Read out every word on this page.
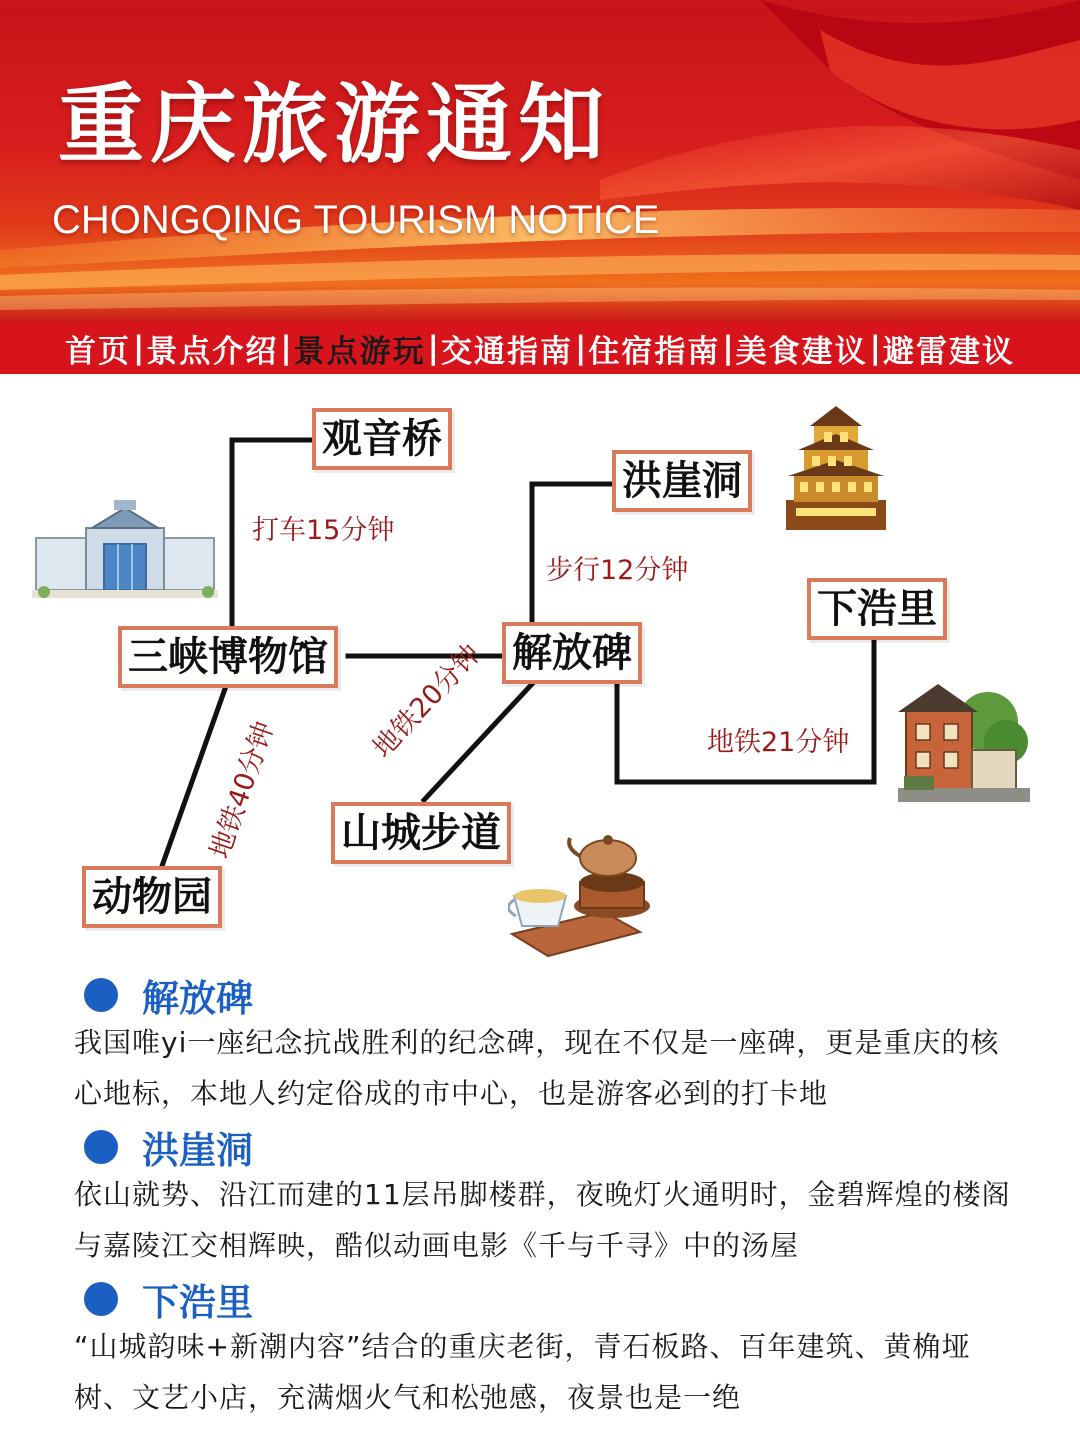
重庆旅游通知

CHONGQING TOURISM NOTICE

首页 | 景点介绍 | 景点游玩 | 交通指南 | 住宿指南 | 美食建议 | 避雷建议
观音桥
洪崖洞
三峡博物馆	解放碑
下浩里
山城步道
动物园
打车15分钟
步行12分钟
地铁21分钟
地铁20分钟
地铁40分钟
解放碑

我国唯yi一座纪念抗战胜利的纪念碑，现在不仅是一座碑，更是重庆的核心地标，本地人约定俗成的市中心，也是游客必到的打卡地

洪崖洞

依山就势、沿江而建的11层吊脚楼群，夜晚灯火通明时，金碧辉煌的楼阁与嘉陵江交相辉映，酷似动画电影《千与千寻》中的汤屋

下浩里

“山城韵味+新潮内容”结合的重庆老街，青石板路、百年建筑、黄桷垭树、文艺小店，充满烟火气和松弛感，夜景也是一绝
